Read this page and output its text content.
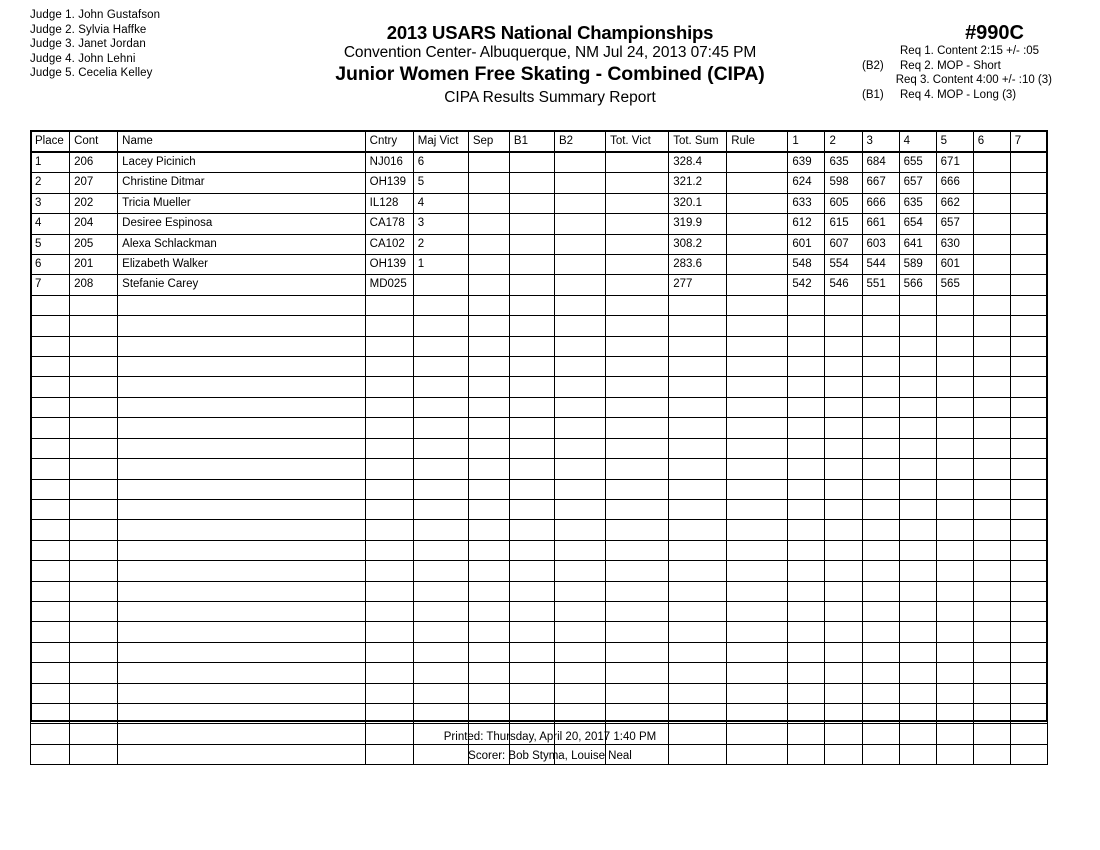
Judge 1. John Gustafson
Judge 2. Sylvia Haffke
Judge 3. Janet Jordan
Judge 4. John Lehni
Judge 5. Cecelia Kelley
2013 USARS National Championships
Convention Center- Albuquerque, NM Jul 24, 2013 07:45 PM
Junior Women Free Skating - Combined (CIPA)
CIPA Results Summary Report
#990C
Req 1. Content 2:15 +/- :05
(B2)	Req 2. MOP - Short
Req 3. Content 4:00 +/- :10 (3)
(B1)	Req 4. MOP - Long (3)
Place	Cont	Name	Cntry	Maj Vict	Sep	B1	B2	Tot. Vict	Tot. Sum	Rule	1	2	3	4	5	6	7
1	206	Lacey Picinich	NJ016	6					328.4		639	635	684	655	671		
2	207	Christine Ditmar	OH139	5					321.2		624	598	667	657	666		
3	202	Tricia Mueller	IL128	4					320.1		633	605	666	635	662		
4	204	Desiree Espinosa	CA178	3					319.9		612	615	661	654	657		
5	205	Alexa Schlackman	CA102	2					308.2		601	607	603	641	630		
6	201	Elizabeth Walker	OH139	1					283.6		548	554	544	589	601		
7	208	Stefanie Carey	MD025						277		542	546	551	566	565		

Printed: Thursday, April 20, 2017 1:40 PM
Scorer: Bob Styma, Louise Neal
